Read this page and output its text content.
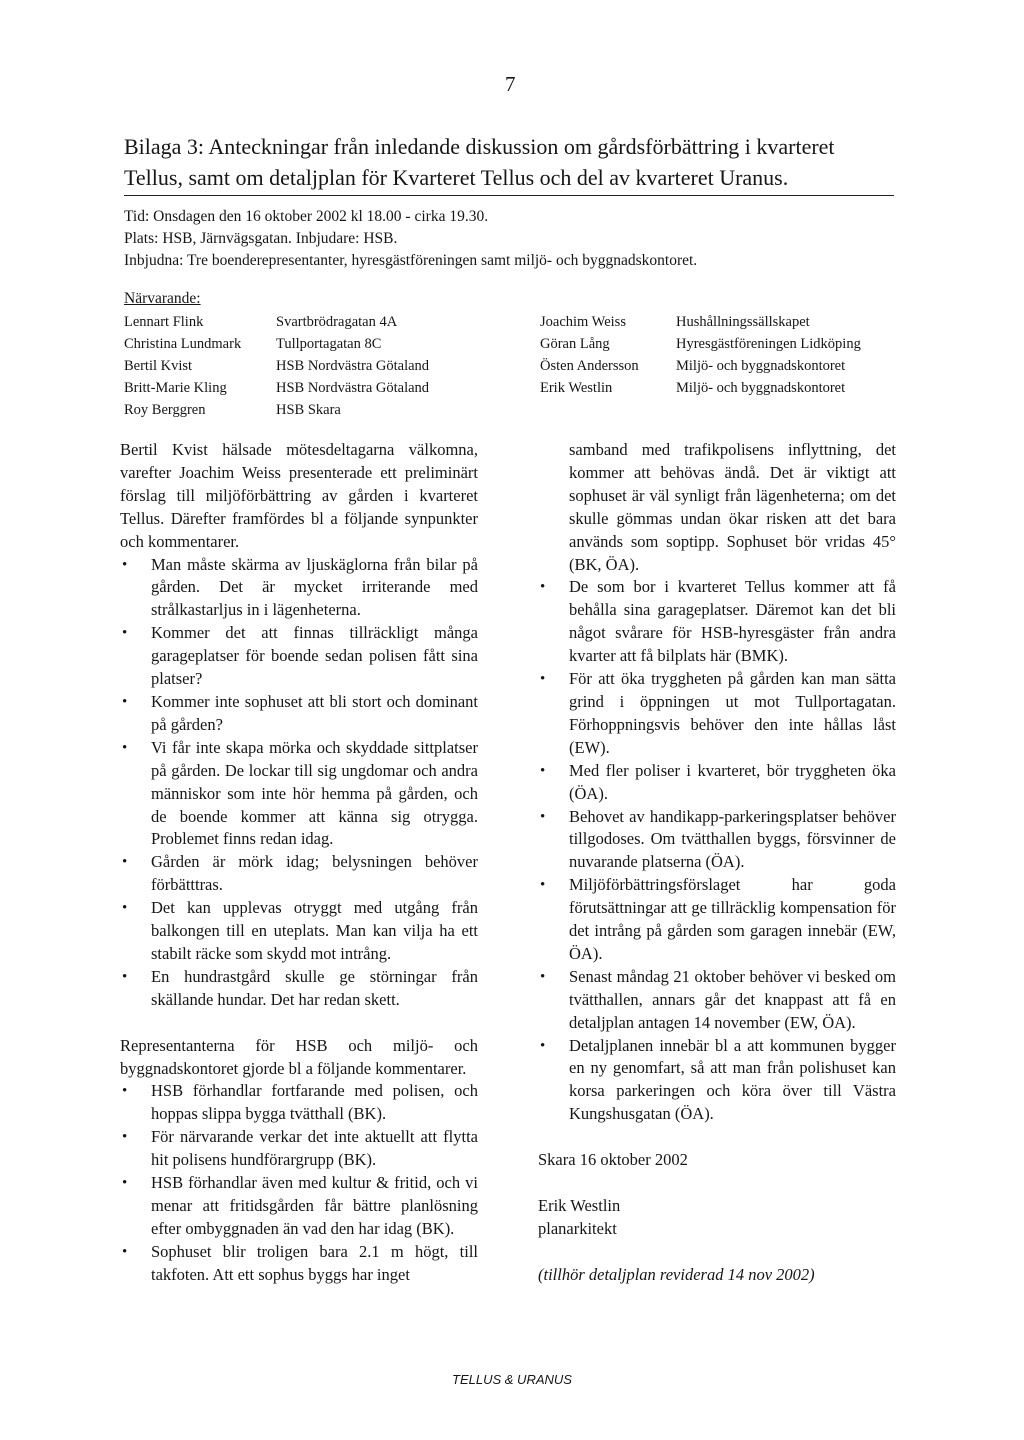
7
Bilaga 3: Anteckningar från inledande diskussion om gårdsförbättring i kvarteret Tellus, samt om detaljplan för Kvarteret Tellus och del av kvarteret Uranus.
Tid: Onsdagen den 16 oktober 2002 kl 18.00 - cirka 19.30.
Plats: HSB, Järnvägsgatan. Inbjudare: HSB.
Inbjudna: Tre boenderepresentanter, hyresgästföreningen samt miljö- och byggnadskontoret.
Närvarande:
Lennart Flink	Svartbrödragatan 4A
Christina Lundmark Tullportagatan 8C
Bertil Kvist	HSB Nordvästra Götaland
Britt-Marie Kling	HSB Nordvästra Götaland
Roy Berggren	HSB Skara
Joachim Weiss	Hushållningssällskapet
Göran Lång	Hyresgästföreningen Lidköping
Östen Andersson	Miljö- och byggnadskontoret
Erik Westlin	Miljö- och byggnadskontoret

Bertil Kvist hälsade mötesdeltagarna välkomna, varefter Joachim Weiss presenterade ett preliminärt förslag till miljöförbättring av gården i kvarteret Tellus. Därefter framfördes bl a följande synpunkter och kommentarer.

• Man måste skärma av ljuskäglorna från bilar på gården. Det är mycket irriterande med strålkastarljus in i lägenheterna.
• Kommer det att finnas tillräckligt många garageplatser för boende sedan polisen fått sina platser?
• Kommer inte sophuset att bli stort och dominant på gården?
• Vi får inte skapa mörka och skyddade sittplatser på gården. De lockar till sig ungdomar och andra människor som inte hör hemma på gården, och de boende kommer att känna sig otrygga. Problemet finns redan idag.
• Gården är mörk idag; belysningen behöver förbätttras.
• Det kan upplevas otryggt med utgång från balkongen till en uteplats. Man kan vilja ha ett stabilt räcke som skydd mot intrång.
• En hundrastgård skulle ge störningar från skällande hundar. Det har redan skett.

Representanterna för HSB och miljö- och byggnadskontoret gjorde bl a följande kommentarer.

• HSB förhandlar fortfarande med polisen, och hoppas slippa bygga tvätthall (BK).
• För närvarande verkar det inte aktuellt att flytta hit polisens hundförargrupp (BK).
• HSB förhandlar även med kultur & fritid, och vi menar att fritidsgården får bättre planlösning efter ombyggnaden än vad den har idag (BK).
• Sophuset blir troligen bara 2.1 m högt, till takfoten. Att ett sophus byggs har inget

samband med trafikpolisens inflyttning, det kommer att behövas ändå. Det är viktigt att sophuset är väl synligt från lägenheterna; om det skulle gömmas undan ökar risken att det bara används som soptipp. Sophuset bör vridas 45° (BK, ÖA).

• De som bor i kvarteret Tellus kommer att få behålla sina garageplatser. Däremot kan det bli något svårare för HSB-hyresgäster från andra kvarter att få bilplats här (BMK).
• För att öka tryggheten på gården kan man sätta grind i öppningen ut mot Tullportagatan. Förhoppningsvis behöver den inte hållas låst (EW).
• Med fler poliser i kvarteret, bör tryggheten öka (ÖA).
• Behovet av handikapp-parkeringsplatser behöver tillgodoses. Om tvätthallen byggs, försvinner de nuvarande platserna (ÖA).
• Miljöförbättringsförslaget har goda förutsättningar att ge tillräcklig kompensation för det intrång på gården som garagen innebär (EW, ÖA).
• Senast måndag 21 oktober behöver vi besked om tvätthallen, annars går det knappast att få en detaljplan antagen 14 november (EW, ÖA).
• Detaljplanen innebär bl a att kommunen bygger en ny genomfart, så att man från polishuset kan korsa parkeringen och köra över till Västra Kungshusgatan (ÖA).
Skara 16 oktober 2002
Erik Westlin
planarkitekt
(tillhör detaljplan reviderad 14 nov 2002)
TELLUS & URANUS
